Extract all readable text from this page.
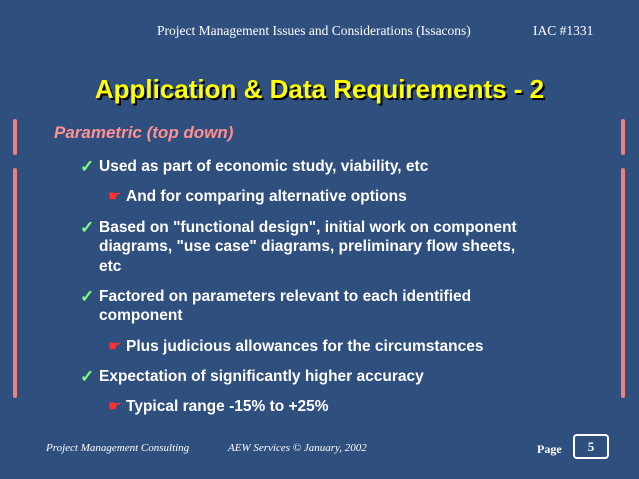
Project Management Issues and Considerations (Issacons)	IAC #1331
Application & Data Requirements - 2
Parametric (top down)
✓ Used as part of economic study, viability, etc
☛ And for comparing alternative options
✓ Based on "functional design", initial work on component
diagrams, "use case" diagrams, preliminary flow sheets,
etc
✓ Factored on parameters relevant to each identified
component
☛ Plus judicious allowances for the circumstances
✓ Expectation of significantly higher accuracy
☛ Typical range -15% to +25%
Project Management Consulting	AEW Services © January, 2002	Page	5
